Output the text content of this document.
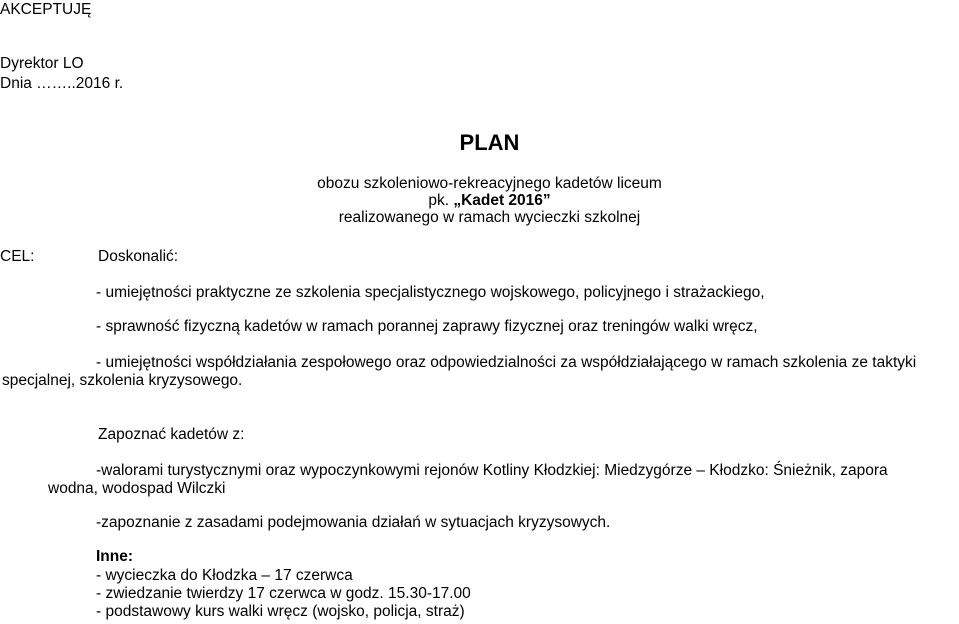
AKCEPTUJĘ
Dyrektor LO
Dnia ……..2016 r.
PLAN
obozu szkoleniowo-rekreacyjnego kadetów liceum
pk. „Kadet 2016”
realizowanego w ramach wycieczki szkolnej
CEL:	Doskonalić:
- umiejętności praktyczne ze szkolenia specjalistycznego wojskowego, policyjnego i strażackiego,
- sprawność fizyczną kadetów w ramach porannej zaprawy fizycznej oraz treningów walki wręcz,
- umiejętności współdziałania zespołowego oraz odpowiedzialności za współdziałającego w ramach szkolenia ze taktyki
specjalnej, szkolenia kryzysowego.
Zapoznać kadetów z:
-walorami turystycznymi oraz wypoczynkowymi rejonów Kotliny Kłodzkiej: Miedzygórze – Kłodzko: Śnieżnik, zapora
wodna, wodospad Wilczki
-zapoznanie z zasadami podejmowania działań w sytuacjach kryzysowych.
Inne:
- wycieczka do Kłodzka – 17 czerwca
- zwiedzanie twierdzy 17 czerwca w godz. 15.30-17.00
- podstawowy kurs walki wręcz (wojsko, policja, straż)
